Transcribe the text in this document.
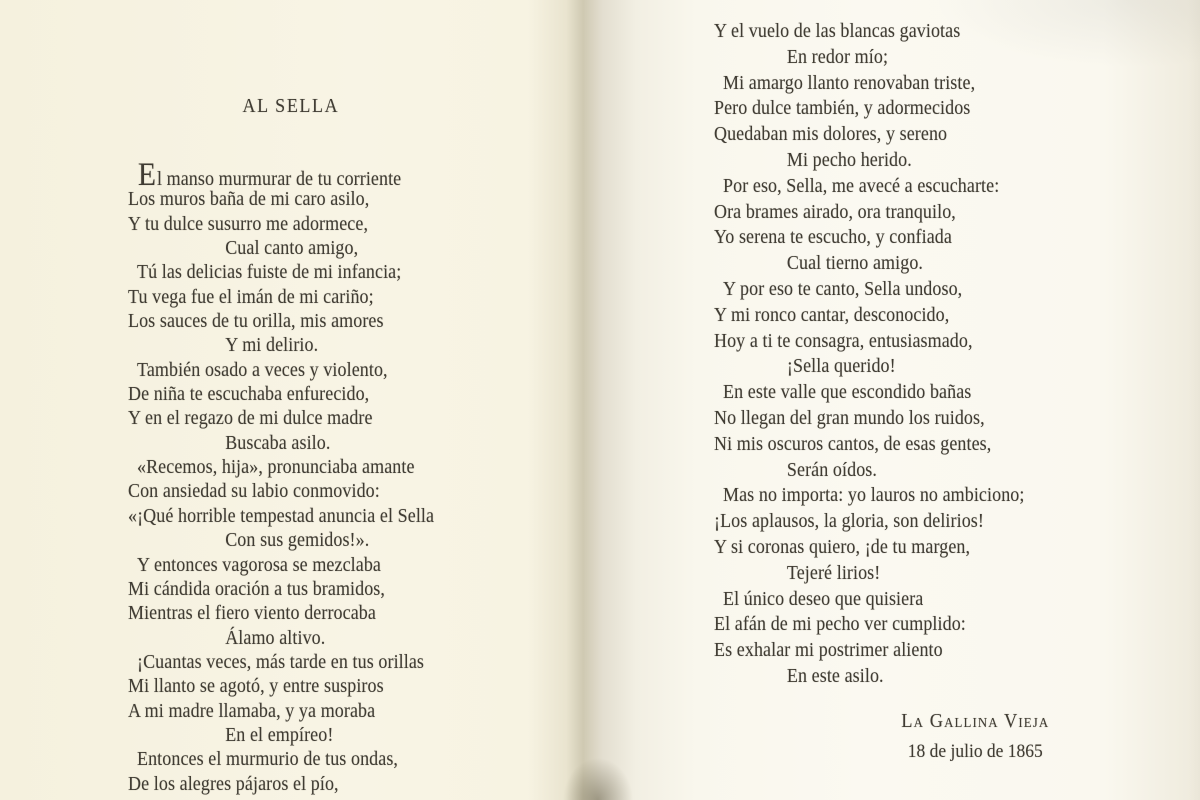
AL SELLA
El manso murmurar de tu corriente
Los muros baña de mi caro asilo,
Y tu dulce susurro me adormece,
Cual canto amigo,
Tú las delicias fuiste de mi infancia;
Tu vega fue el imán de mi cariño;
Los sauces de tu orilla, mis amores
Y mi delirio.
También osado a veces y violento,
De niña te escuchaba enfurecido,
Y en el regazo de mi dulce madre
Buscaba asilo.
«Recemos, hija», pronunciaba amante
Con ansiedad su labio conmovido:
«¡Qué horrible tempestad anuncia el Sella
Con sus gemidos!».
Y entonces vagorosa se mezclaba
Mi cándida oración a tus bramidos,
Mientras el fiero viento derrocaba
Álamo altivo.
¡Cuantas veces, más tarde en tus orillas
Mi llanto se agotó, y entre suspiros
A mi madre llamaba, y ya moraba
En el empíreo!
Entonces el murmurio de tus ondas,
De los alegres pájaros el pío,
Y el vuelo de las blancas gaviotas
En redor mío;
Mi amargo llanto renovaban triste,
Pero dulce también, y adormecidos
Quedaban mis dolores, y sereno
Mi pecho herido.
Por eso, Sella, me avecé a escucharte:
Ora brames airado, ora tranquilo,
Yo serena te escucho, y confiada
Cual tierno amigo.
Y por eso te canto, Sella undoso,
Y mi ronco cantar, desconocido,
Hoy a ti te consagra, entusiasmado,
¡Sella querido!
En este valle que escondido bañas
No llegan del gran mundo los ruidos,
Ni mis oscuros cantos, de esas gentes,
Serán oídos.
Mas no importa: yo lauros no ambiciono;
¡Los aplausos, la gloria, son delirios!
Y si coronas quiero, ¡de tu margen,
Tejeré lirios!
El único deseo que quisiera
El afán de mi pecho ver cumplido:
Es exhalar mi postrimer aliento
En este asilo.
La Gallina Vieja
18 de julio de 1865
